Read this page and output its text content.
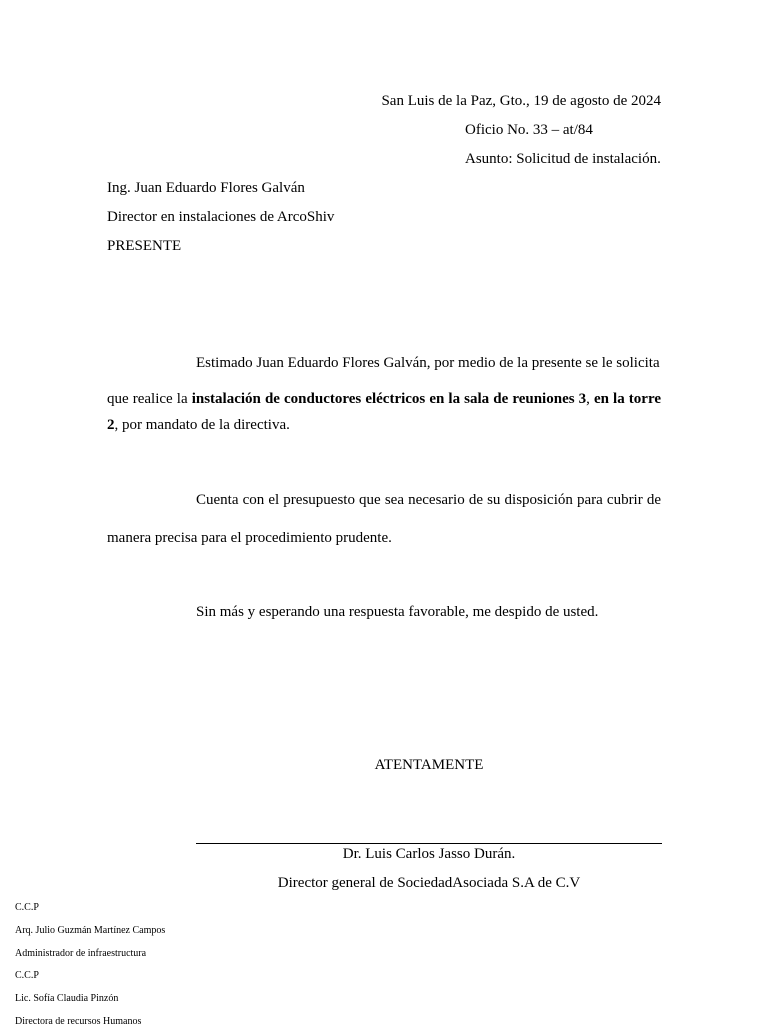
San Luis de la Paz, Gto., 19 de agosto de 2024
Oficio No. 33 – at/84
Asunto: Solicitud de instalación.
Ing. Juan Eduardo Flores Galván
Director en instalaciones de ArcoShiv
PRESENTE
Estimado Juan Eduardo Flores Galván, por medio de la presente se le solicita
que realice la instalación de conductores eléctricos en la sala de reuniones 3, en la torre 2, por mandato de la directiva.
Cuenta con el presupuesto que sea necesario de su disposición para cubrir de manera precisa para el procedimiento prudente.
Sin más y esperando una respuesta favorable, me despido de usted.
ATENTAMENTE
Dr. Luis Carlos Jasso Durán.
Director general de SociedadAsociada S.A de C.V
C.C.P
Arq. Julio Guzmán Martínez Campos
Administrador de infraestructura
C.C.P
Lic. Sofía Claudia Pinzón
Directora de recursos Humanos
